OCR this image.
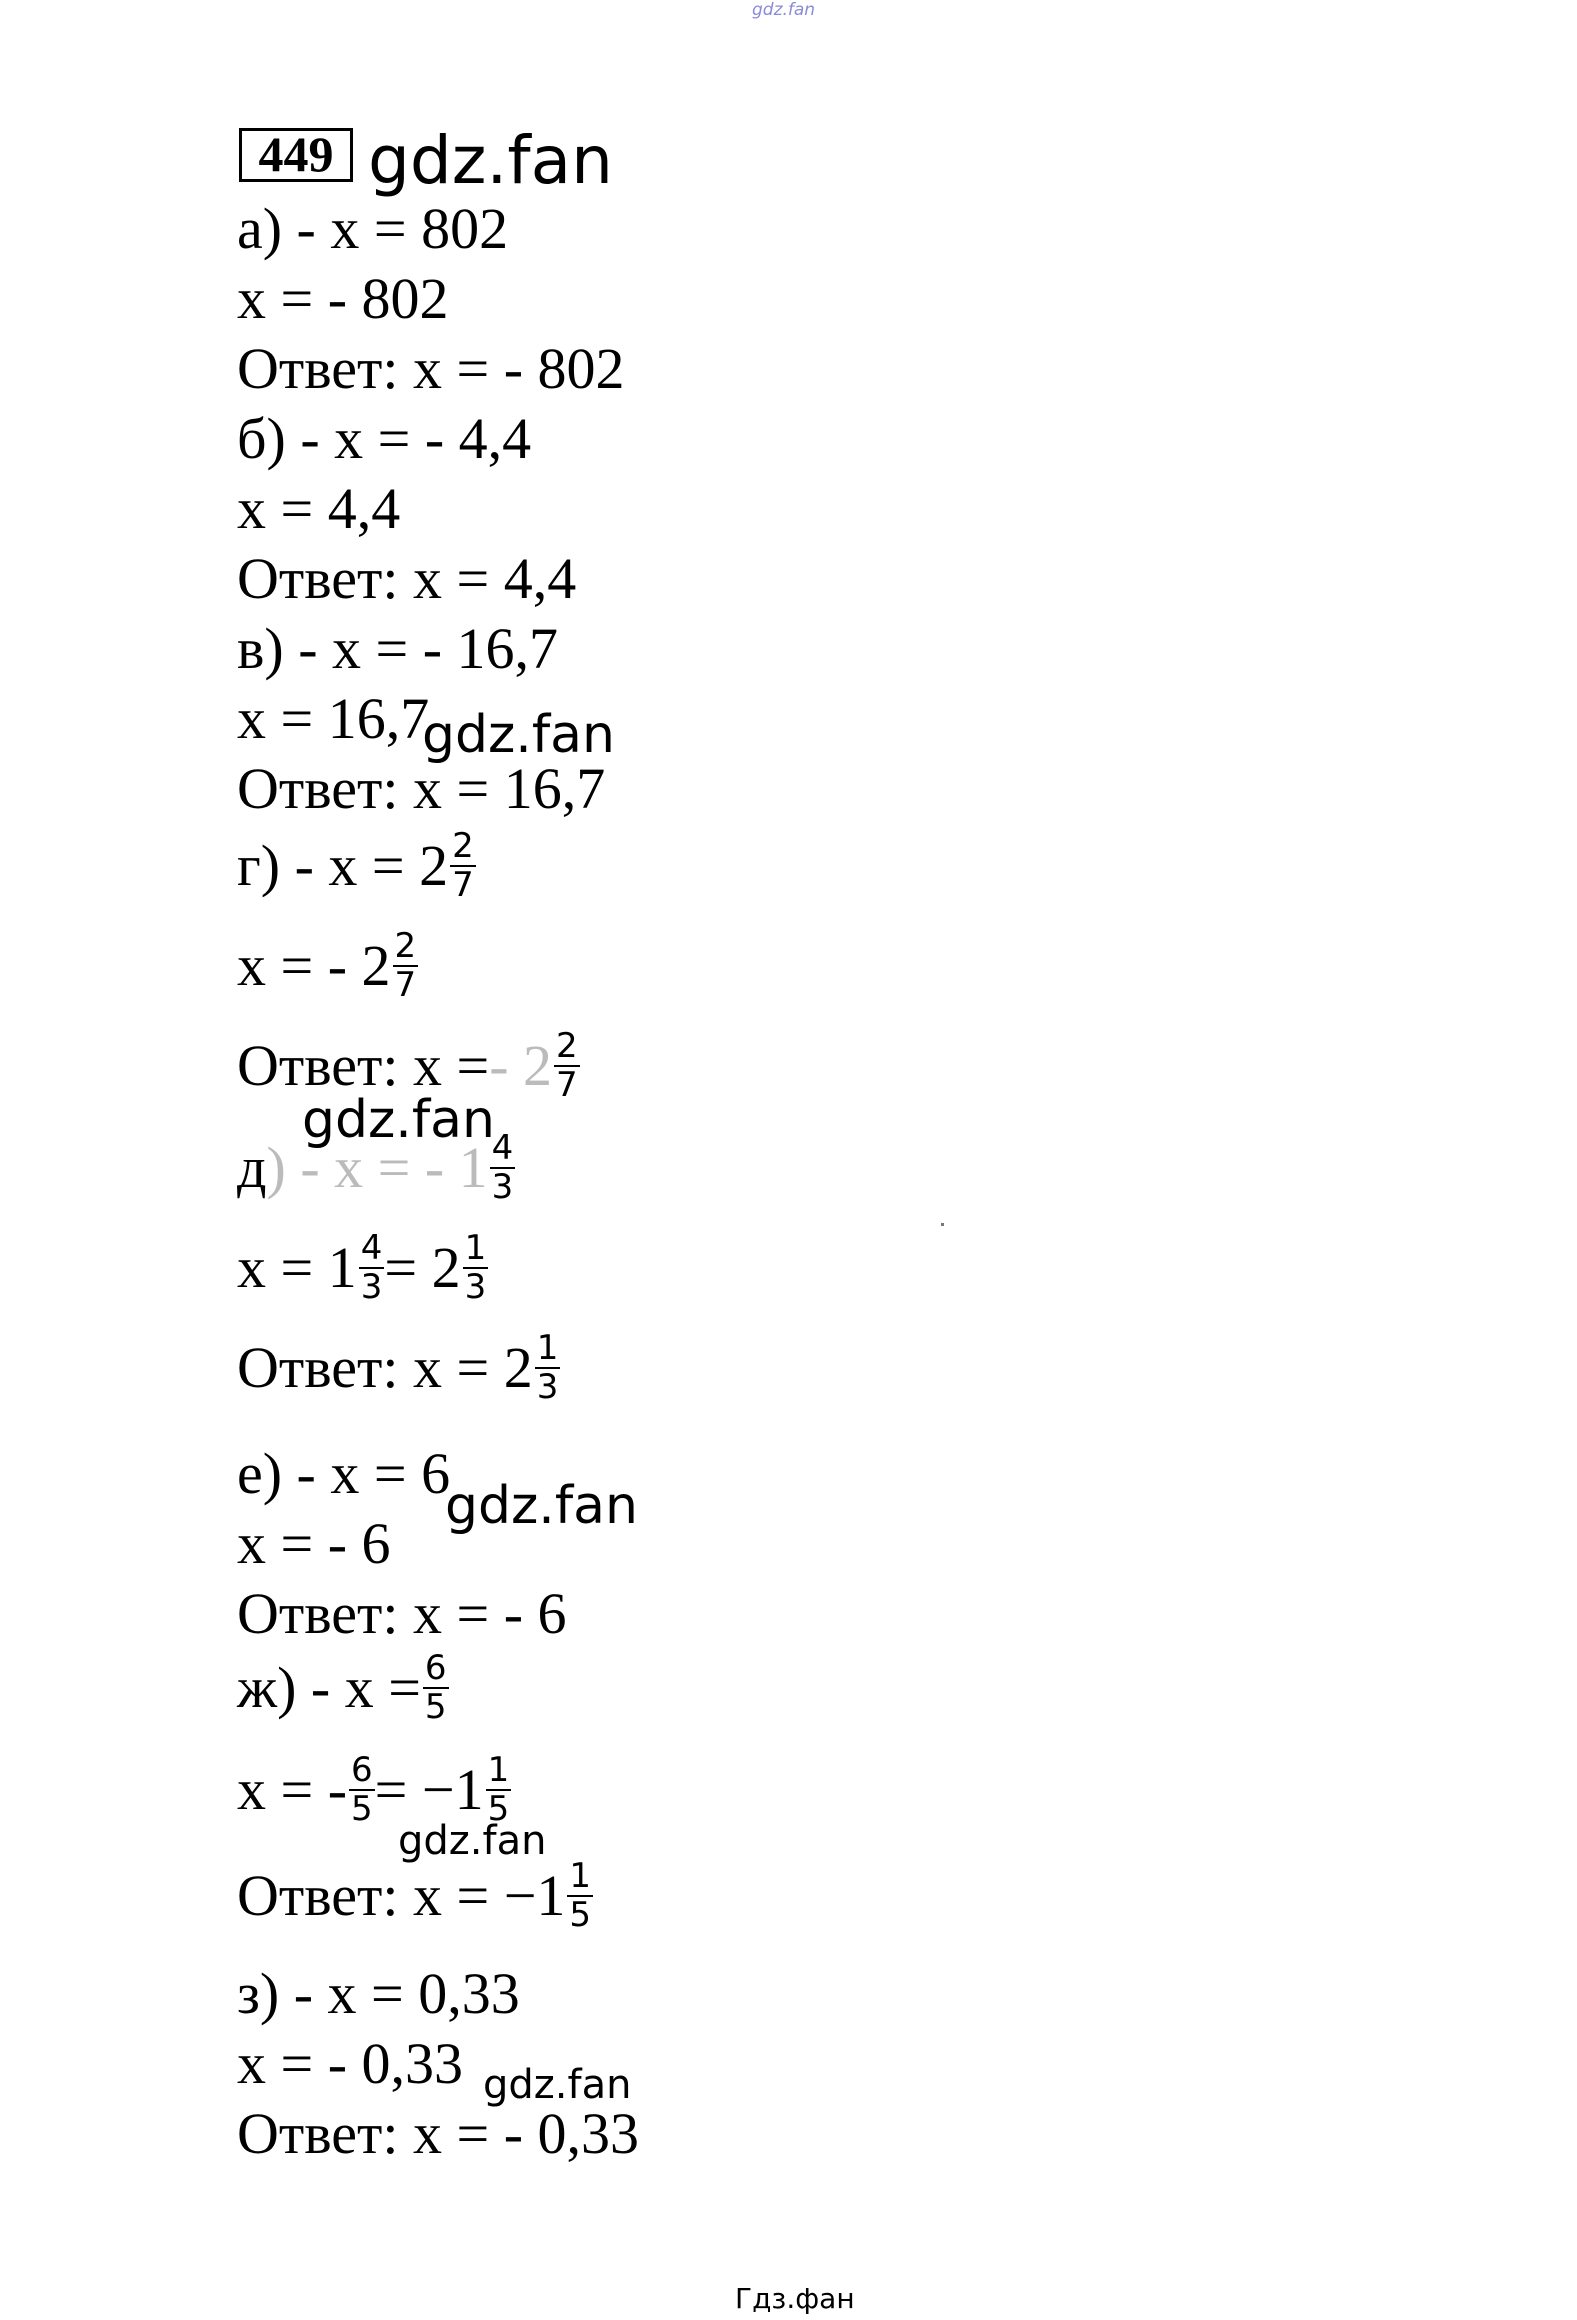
gdz.fan
449 gdz.fan
а) - x = 802
x = - 802
Ответ: x = - 802
б) - x = - 4,4
x = 4,4
Ответ: x = 4,4
в) - x = - 16,7
x = 16,7
gdz.fan
Ответ: x = 16,7
$г) - x = 2 \frac{2}{7}$
x = - $2 \frac{2}{7}$
Ответ: x = - $2 \frac{2}{7}$
gdz.fan
д ) - x = - $1 \frac{4}{3}$
$x = 1 \frac{4}{3} = 2 \frac{1}{3}$
Ответ: $x = 2 \frac{1}{3}$
е) - x = 6
x = - 6
gdz.fan
Ответ: x = - 6
$ж) - x = \frac{6}{5}$
x = - $\frac{6}{5} = -1 \frac{1}{5}$
gdz.fan
Ответ: $x = -1 \frac{1}{5}$
з) - x = 0,33
x = - 0,33 gdz.fan
Ответ: x = - 0,33
Гдз.фан
